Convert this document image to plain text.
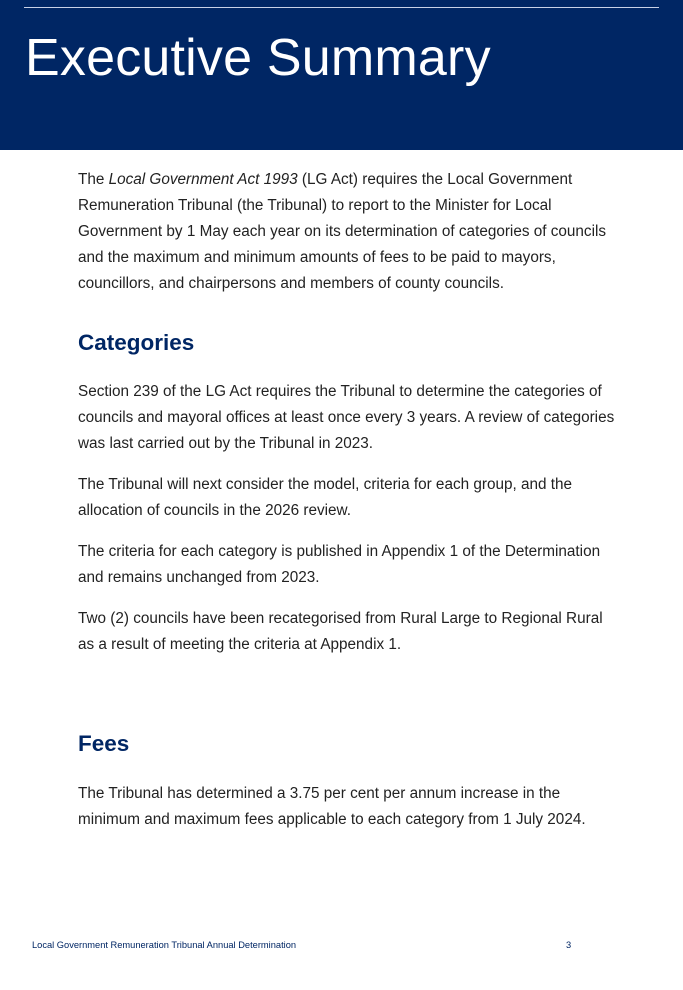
Executive Summary

The Local Government Act 1993 (LG Act) requires the Local Government Remuneration Tribunal (the Tribunal) to report to the Minister for Local Government by 1 May each year on its determination of categories of councils and the maximum and minimum amounts of fees to be paid to mayors, councillors, and chairpersons and members of county councils.

Categories

Section 239 of the LG Act requires the Tribunal to determine the categories of councils and mayoral offices at least once every 3 years. A review of categories was last carried out by the Tribunal in 2023.

The Tribunal will next consider the model, criteria for each group, and the allocation of councils in the 2026 review.

The criteria for each category is published in Appendix 1 of the Determination and remains unchanged from 2023.

Two (2) councils have been recategorised from Rural Large to Regional Rural as a result of meeting the criteria at Appendix 1.

Fees

The Tribunal has determined a 3.75 per cent per annum increase in the minimum and maximum fees applicable to each category from 1 July 2024.

Local Government Remuneration Tribunal Annual Determination	3
